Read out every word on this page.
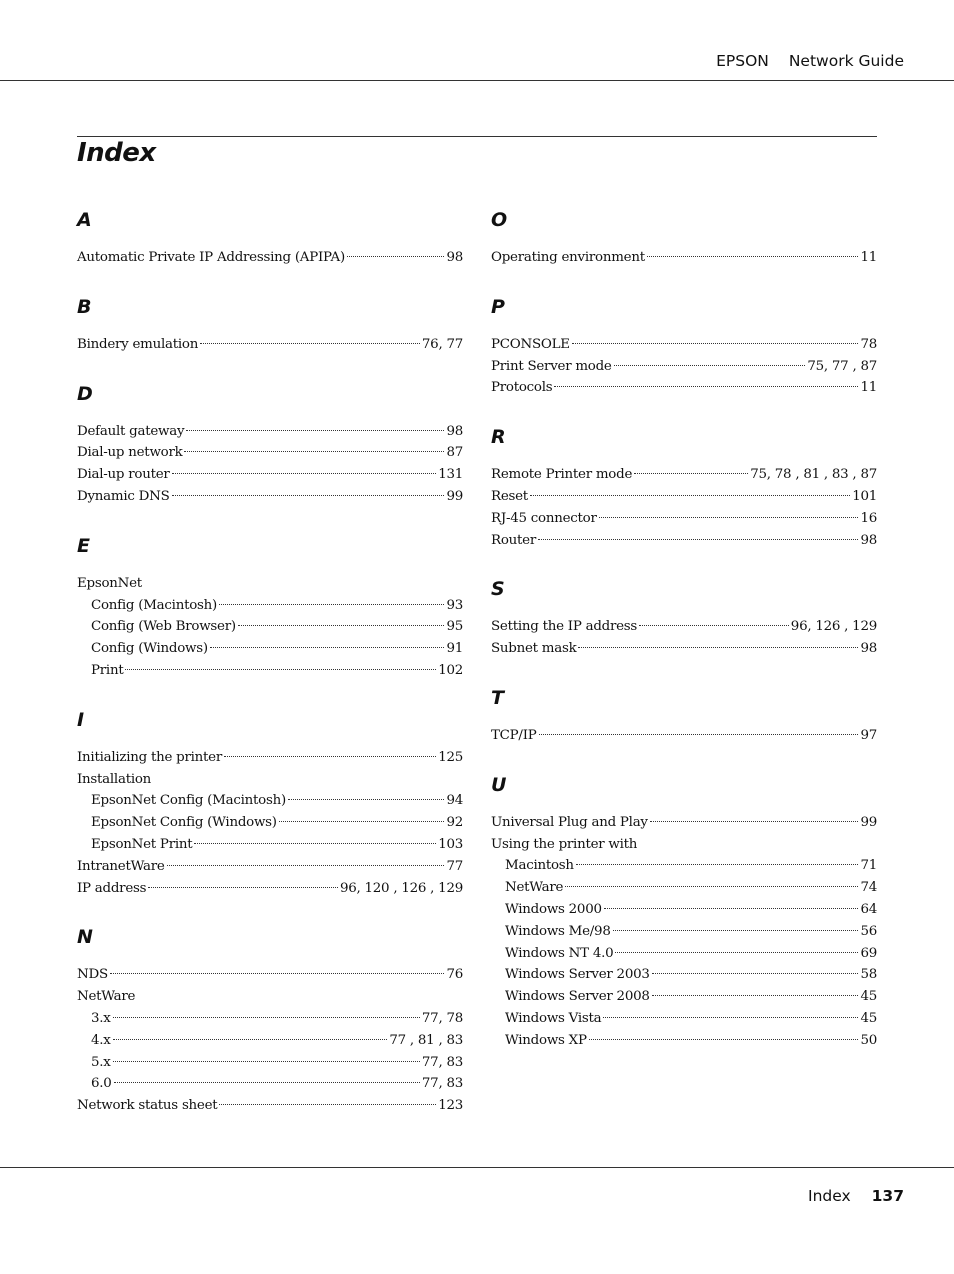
EPSON Network Guide
Index
A
Automatic Private IP Addressing (APIPA)	98
B
Bindery emulation	76, 77
D
Default gateway	98
Dial-up network	87
Dial-up router	131
Dynamic DNS	99
E
EpsonNet
Config (Macintosh)	93
Config (Web Browser)	95
Config (Windows)	91
Print	102
I
Initializing the printer	125
Installation
EpsonNet Config (Macintosh)	94
EpsonNet Config (Windows)	92
EpsonNet Print	103
IntranetWare	77
IP address	96, 120 , 126 , 129
N
NDS	76
NetWare
3.x	77, 78
4.x	77 , 81 , 83
5.x	77, 83
6.0	77, 83
Network status sheet	123
O
Operating environment	11
P
PCONSOLE	78
Print Server mode	75, 77 , 87
Protocols	11
R
Remote Printer mode	75, 78 , 81 , 83 , 87
Reset	101
RJ-45 connector	16
Router	98
S
Setting the IP address	96, 126 , 129
Subnet mask	98
T
TCP/IP	97
U
Universal Plug and Play	99
Using the printer with
Macintosh	71
NetWare	74
Windows 2000	64
Windows Me/98	56
Windows NT 4.0	69
Windows Server 2003	58
Windows Server 2008	45
Windows Vista	45
Windows XP	50
Index 137
